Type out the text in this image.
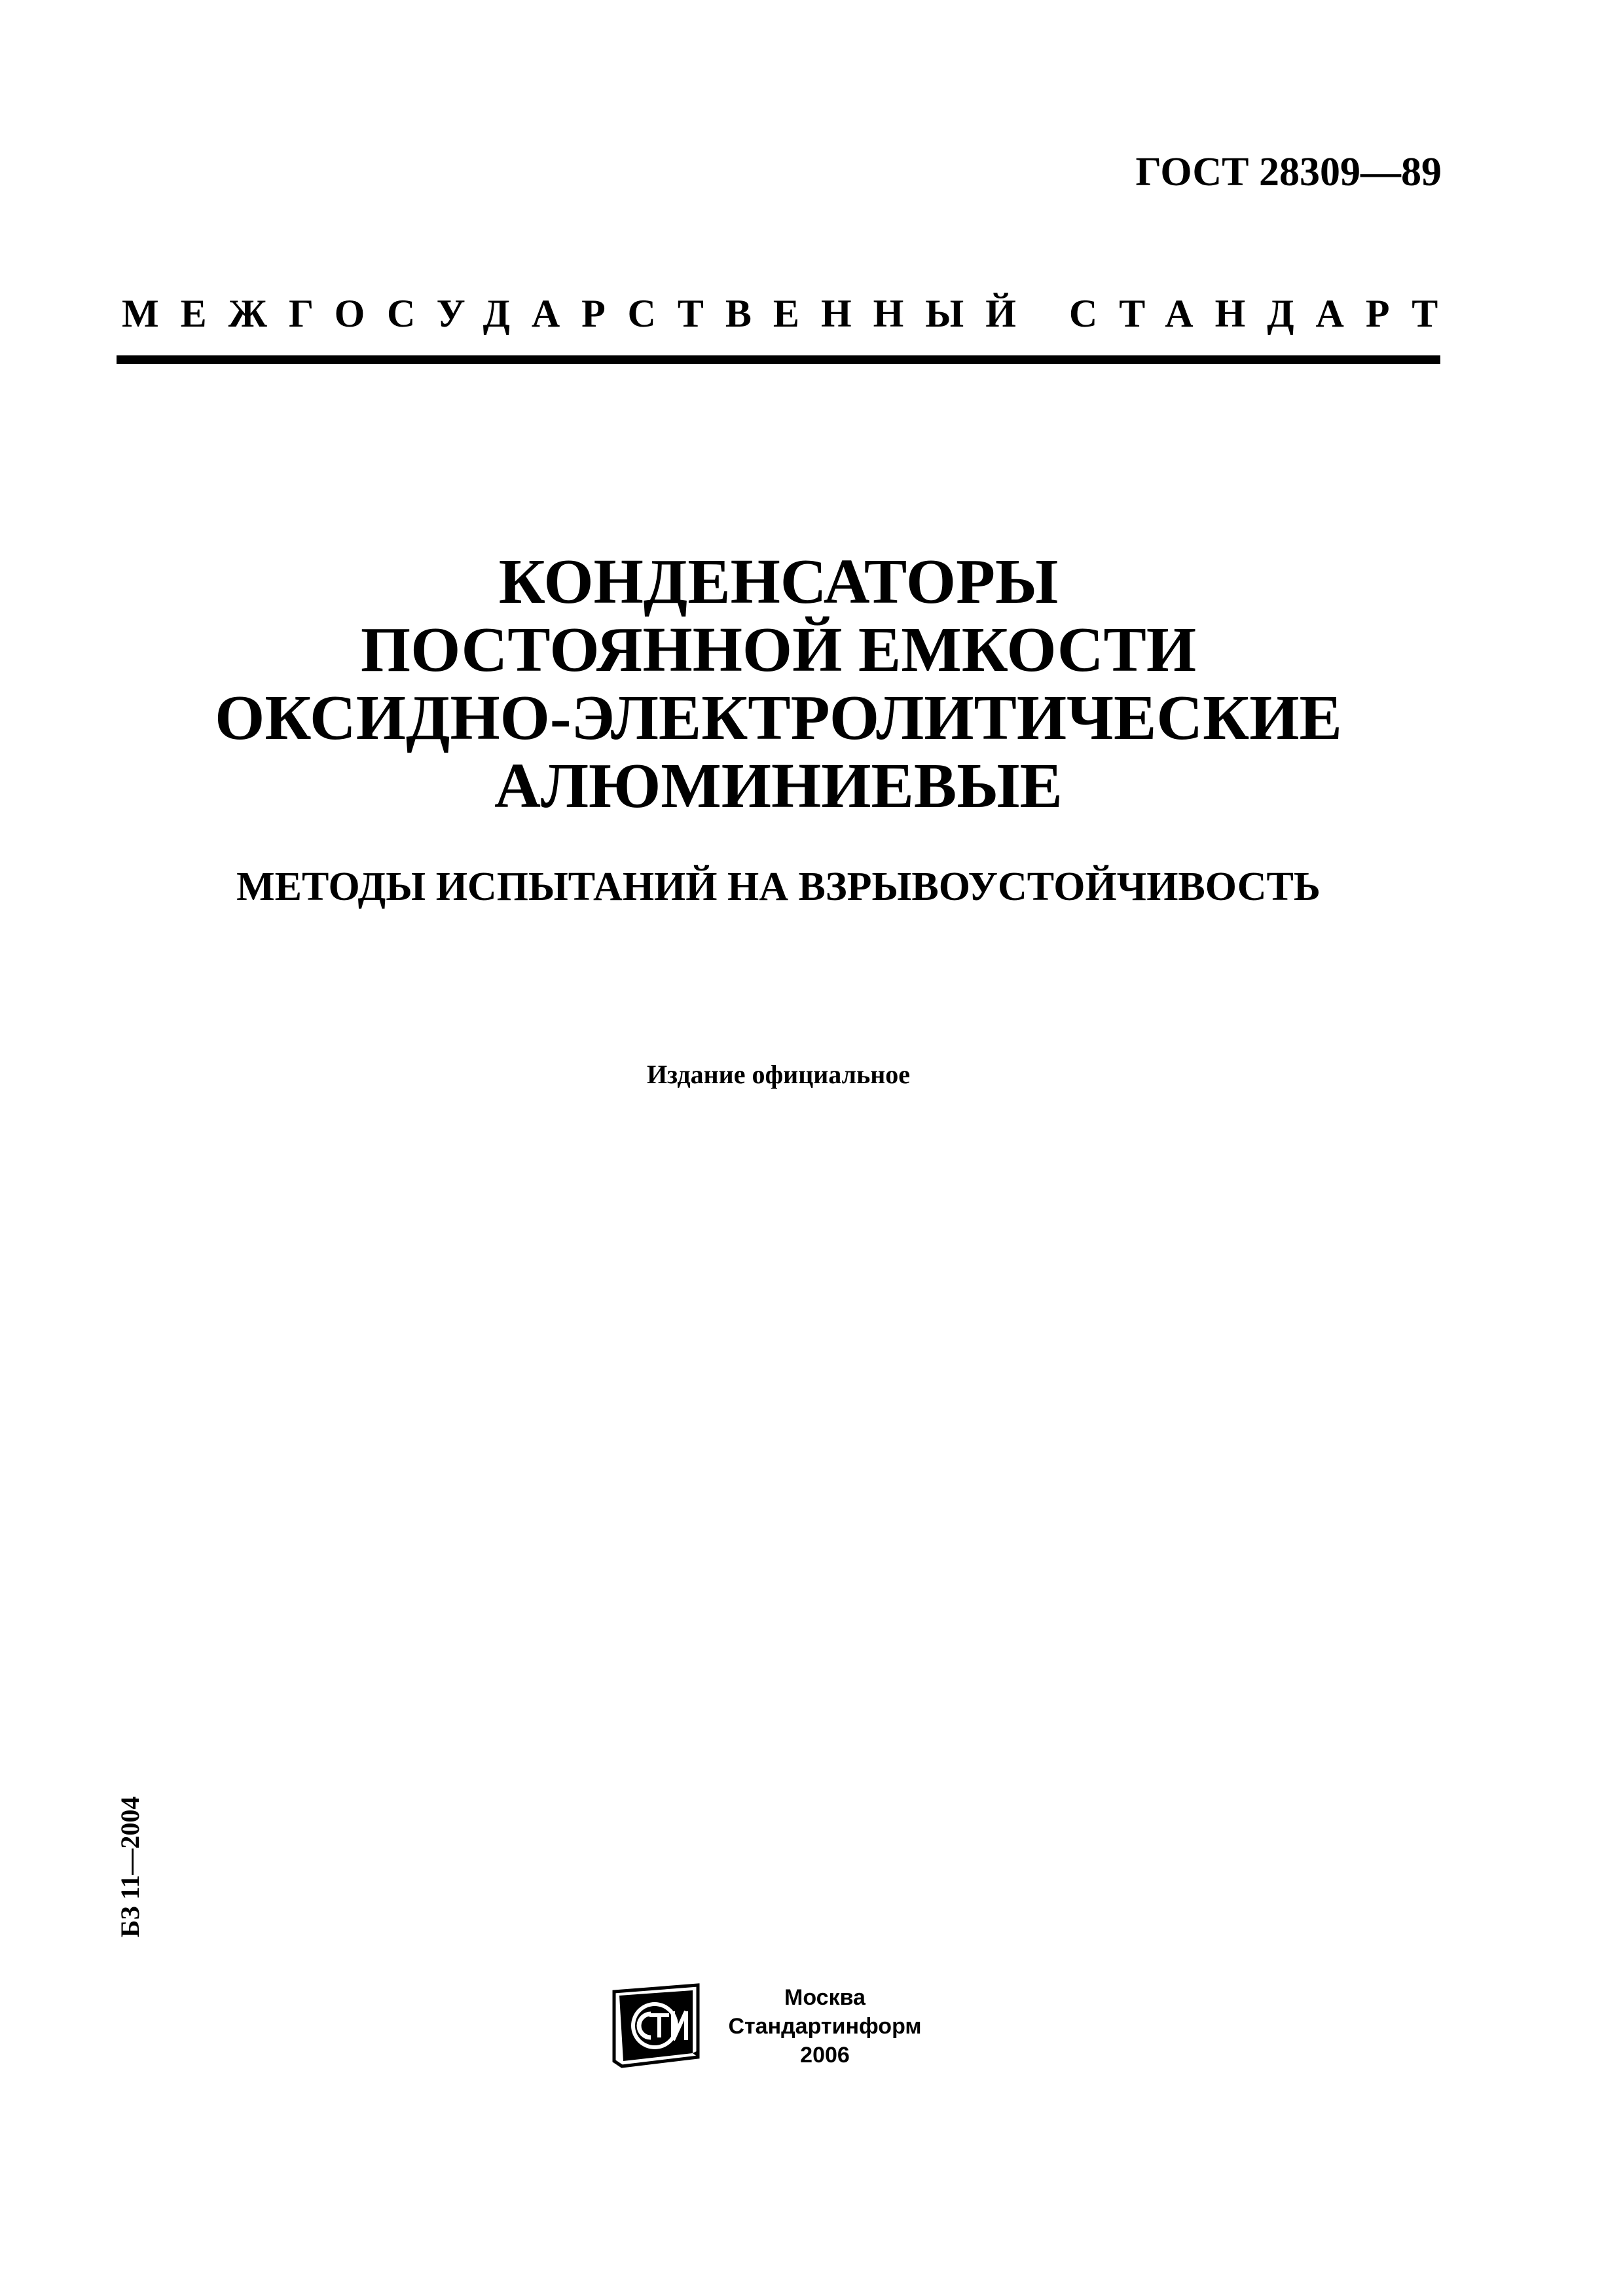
ГОСТ 28309—89
МЕЖГОСУДАРСТВЕННЫЙ СТАНДАРТ
КОНДЕНСАТОРЫ
ПОСТОЯННОЙ ЕМКОСТИ
ОКСИДНО-ЭЛЕКТРОЛИТИЧЕСКИЕ
АЛЮМИНИЕВЫЕ
МЕТОДЫ ИСПЫТАНИЙ НА ВЗРЫВОУСТОЙЧИВОСТЬ
Издание официальное
БЗ 11—2004
Москва
Стандартинформ
2006
